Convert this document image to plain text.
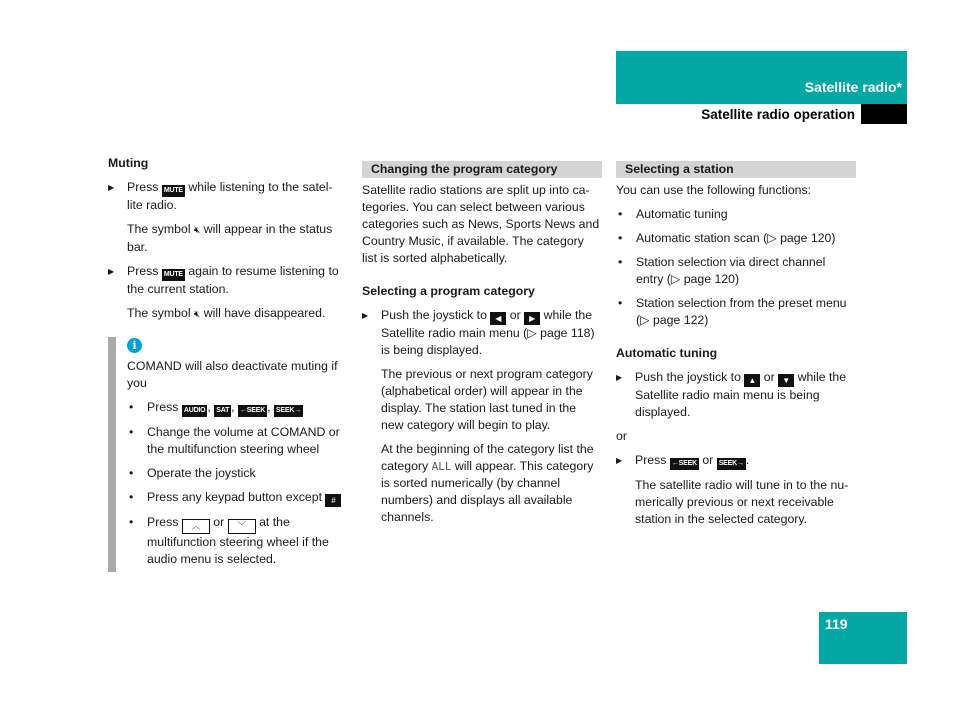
Satellite radio*
Satellite radio operation

Muting

▶ Press MUTE while listening to the satel-lite radio.

The symbol 🔇︎ will appear in the status bar.

▶ Press MUTE again to resume listening to the current station.

The symbol 🔇︎ will have disappeared.

i

COMAND will also deactivate muting if you

• Press AUDIO , SAT , ←SEEK , SEEK→
• Change the volume at COMAND or the multifunction steering wheel
• Operate the joystick
• Press any keypad button except #
• Press ︿ or ﹀ at the multifunction steering wheel if the audio menu is selected.
Changing the program category

Satellite radio stations are split up into ca-tegories. You can select between various categories such as News, Sports News and Country Music, if available. The category list is sorted alphabetically.

Selecting a program category

▶ Push the joystick to ◀ or ▶ while the Satellite radio main menu (▷ page 118) is being displayed.

The previous or next program category (alphabetical order) will appear in the display. The station last tuned in the new category will begin to play.

At the beginning of the category list the category ALL will appear. This category is sorted numerically (by channel numbers) and displays all available channels.

Selecting a station

You can use the following functions:

• Automatic tuning
• Automatic station scan (▷ page 120)
• Station selection via direct channel entry (▷ page 120)
• Station selection from the preset menu (▷ page 122)

Automatic tuning

▶ Push the joystick to ▲ or ▼ while the Satellite radio main menu is being displayed.

or

▶ Press ←SEEK or SEEK→ .

The satellite radio will tune in to the nu-merically previous or next receivable station in the selected category.

119
